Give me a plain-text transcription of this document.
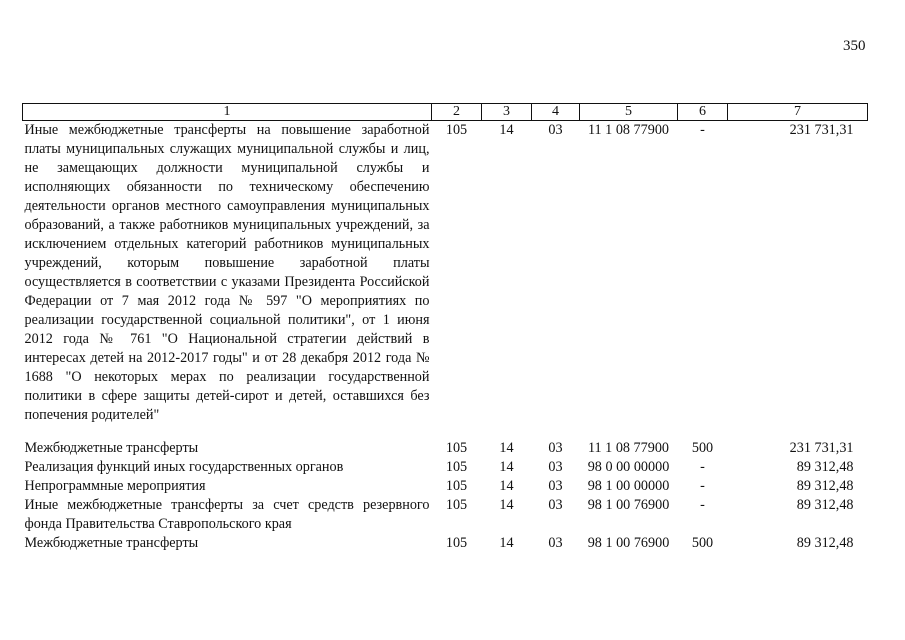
350
1	2	3	4	5	6	7
Иные межбюджетные трансферты на повышение заработной платы муниципальных служащих муниципальной службы и лиц, не замещающих должности муниципальной службы и исполняющих обязанности по техническому обеспечению деятельности органов местного самоуправления муниципальных образований, а также работников муниципальных учреждений, за исключением отдельных категорий работников муниципальных учреждений, которым повышение заработной платы осуществляется в соответствии с указами Президента Российской Федерации от 7 мая 2012 года № 597 "О мероприятиях по реализации государственной социальной политики", от 1 июня 2012 года № 761 "О Национальной стратегии действий в интересах детей на 2012-2017 годы" и от 28 декабря 2012 года № 1688 "О некоторых мерах по реализации государственной политики в сфере защиты детей-сирот и детей, оставшихся без попечения родителей"	105	14	03	11 1 08 77900	-	231 731,31

Межбюджетные трансферты	105	14	03	11 1 08 77900	500	231 731,31
Реализация функций иных государственных органов	105	14	03	98 0 00 00000	-	89 312,48
Непрограммные мероприятия	105	14	03	98 1 00 00000	-	89 312,48
Иные межбюджетные трансферты за счет средств резервного фонда Правительства Ставропольского края	105	14	03	98 1 00 76900	-	89 312,48
Межбюджетные трансферты	105	14	03	98 1 00 76900	500	89 312,48
